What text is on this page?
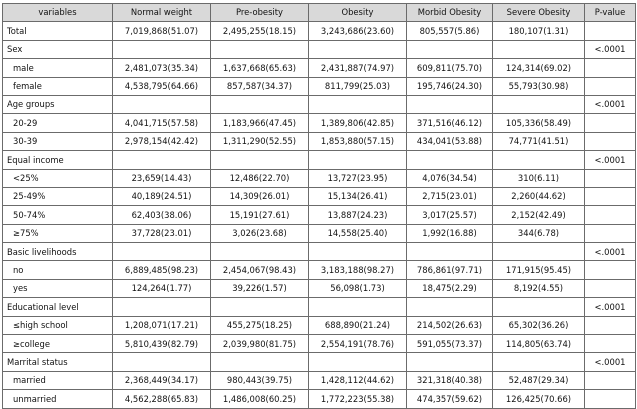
variables	Normal weight	Pre-obesity	Obesity	Morbid Obesity	Severe Obesity	P-value
Total	7,019,868(51.07)	2,495,255(18.15)	3,243,686(23.60)	805,557(5.86)	180,107(1.31)	
Sex						<.0001
male	2,481,073(35.34)	1,637,668(65.63)	2,431,887(74.97)	609,811(75.70)	124,314(69.02)	
female	4,538,795(64.66)	857,587(34.37)	811,799(25.03)	195,746(24.30)	55,793(30.98)	
Age groups						<.0001
20-29	4,041,715(57.58)	1,183,966(47.45)	1,389,806(42.85)	371,516(46.12)	105,336(58.49)	
30-39	2,978,154(42.42)	1,311,290(52.55)	1,853,880(57.15)	434,041(53.88)	74,771(41.51)	
Equal income						<.0001
<25%	23,659(14.43)	12,486(22.70)	13,727(23.95)	4,076(34.54)	310(6.11)	
25-49%	40,189(24.51)	14,309(26.01)	15,134(26.41)	2,715(23.01)	2,260(44.62)	
50-74%	62,403(38.06)	15,191(27.61)	13,887(24.23)	3,017(25.57)	2,152(42.49)	
≥75%	37,728(23.01)	3,026(23.68)	14,558(25.40)	1,992(16.88)	344(6.78)	
Basic livelihoods						<.0001
no	6,889,485(98.23)	2,454,067(98.43)	3,183,188(98.27)	786,861(97.71)	171,915(95.45)	
yes	124,264(1.77)	39,226(1.57)	56,098(1.73)	18,475(2.29)	8,192(4.55)	
Educational level						<.0001
≤high school	1,208,071(17.21)	455,275(18.25)	688,890(21.24)	214,502(26.63)	65,302(36.26)	
≥college	5,810,439(82.79)	2,039,980(81.75)	2,554,191(78.76)	591,055(73.37)	114,805(63.74)	
Marrital status						<.0001
married	2,368,449(34.17)	980,443(39.75)	1,428,112(44.62)	321,318(40.38)	52,487(29.34)	
unmarried	4,562,288(65.83)	1,486,008(60.25)	1,772,223(55.38)	474,357(59.62)	126,425(70.66)	
